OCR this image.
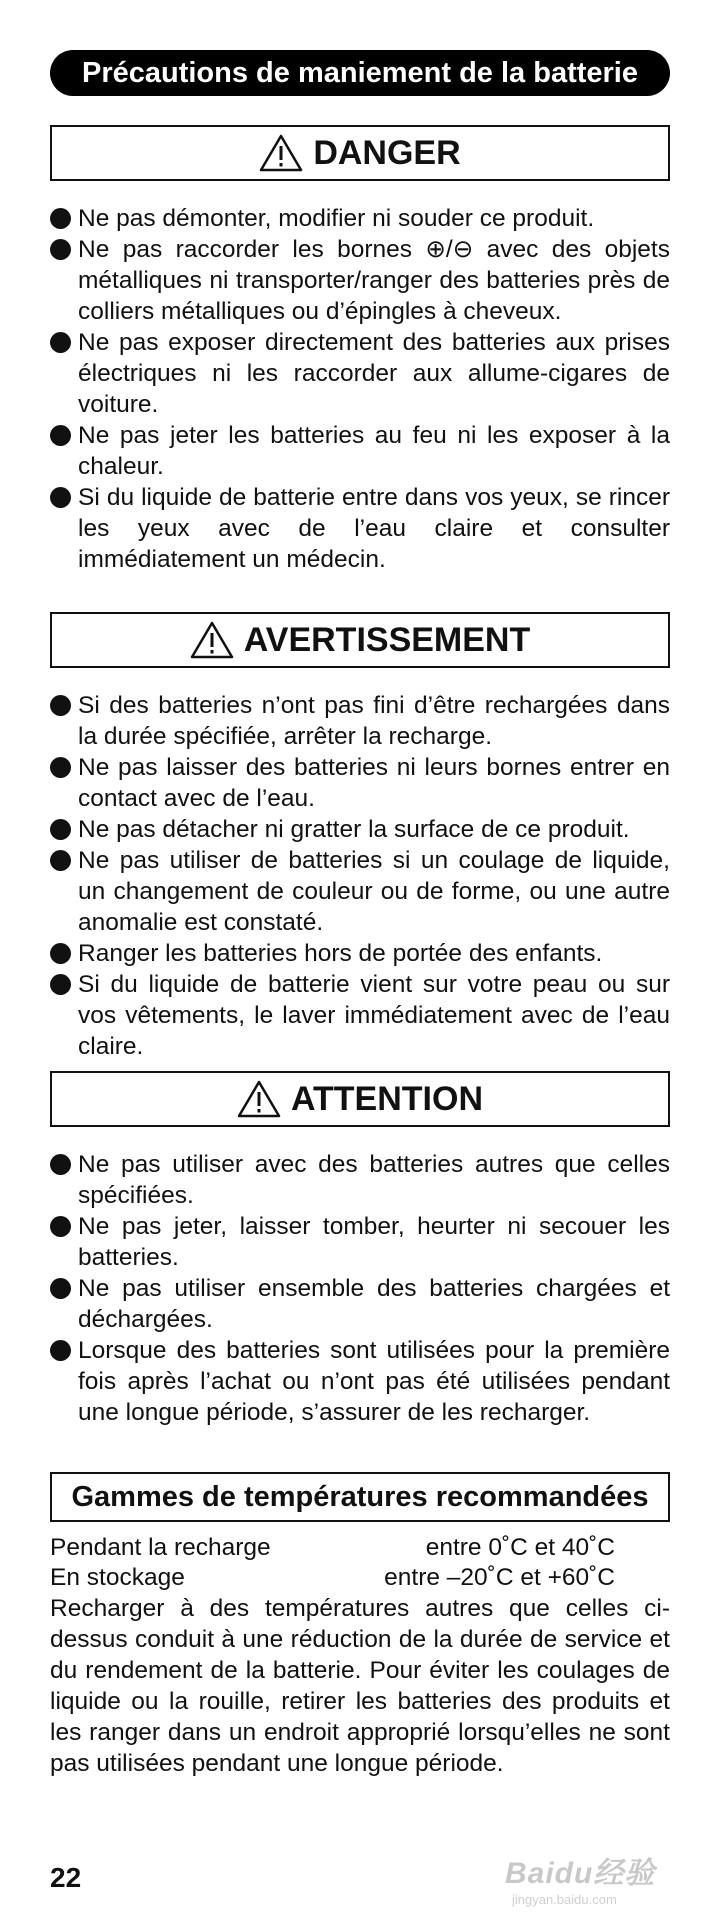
Précautions de maniement de la batterie
DANGER
Ne pas démonter, modifier ni souder ce produit.
Ne pas raccorder les bornes ⊕/⊖ avec des objets métalliques ni transporter/ranger des batteries près de colliers métalliques ou d’épingles à cheveux.
Ne pas exposer directement des batteries aux prises électriques ni les raccorder aux allume-cigares de voiture.
Ne pas jeter les batteries au feu ni les exposer à la chaleur.
Si du liquide de batterie entre dans vos yeux, se rincer les yeux avec de l’eau claire et consulter immédiatement un médecin.
AVERTISSEMENT
Si des batteries n’ont pas fini d’être rechargées dans la durée spécifiée, arrêter la recharge.
Ne pas laisser des batteries ni leurs bornes entrer en contact avec de l’eau.
Ne pas détacher ni gratter la surface de ce produit.
Ne pas utiliser de batteries si un coulage de liquide, un changement de couleur ou de forme, ou une autre anomalie est constaté.
Ranger les batteries hors de portée des enfants.
Si du liquide de batterie vient sur votre peau ou sur vos vêtements, le laver immédiatement avec de l’eau claire.
ATTENTION
Ne pas utiliser avec des batteries autres que celles spécifiées.
Ne pas jeter, laisser tomber, heurter ni secouer les batteries.
Ne pas utiliser ensemble des batteries chargées et déchargées.
Lorsque des batteries sont utilisées pour la première fois après l’achat ou n’ont pas été utilisées pendant une longue période, s’assurer de les recharger.
Gammes de températures recommandées
Pendant la recharge	entre 0˚C et 40˚C
En stockage	entre –20˚C et +60˚C

Recharger à des températures autres que celles ci-dessus conduit à une réduction de la durée de service et du rendement de la batterie. Pour éviter les coulages de liquide ou la rouille, retirer les batteries des produits et les ranger dans un endroit approprié lorsqu’elles ne sont pas utilisées pendant une longue période.

22	Baidu经验
jingyan.baidu.com
